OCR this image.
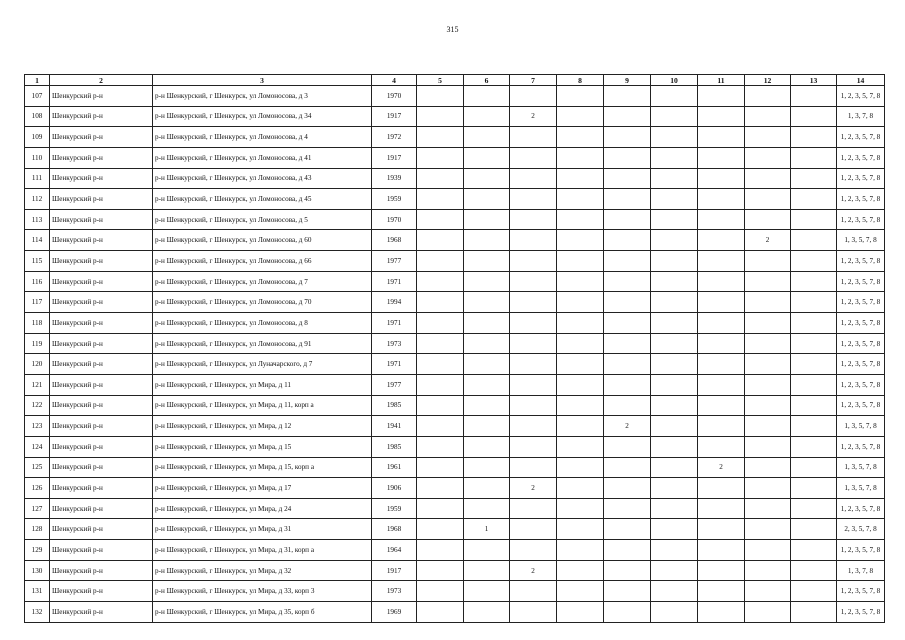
315
1	2	3	4	5	6	7	8	9	10	11	12	13	14
107	Шенкурский р-н	р-н Шенкурский, г Шенкурск, ул Ломоносова, д 3	1970										1, 2, 3, 5, 7, 8
108	Шенкурский р-н	р-н Шенкурский, г Шенкурск, ул Ломоносова, д 34	1917			2							1, 3, 7, 8
109	Шенкурский р-н	р-н Шенкурский, г Шенкурск, ул Ломоносова, д 4	1972										1, 2, 3, 5, 7, 8
110	Шенкурский р-н	р-н Шенкурский, г Шенкурск, ул Ломоносова, д 41	1917										1, 2, 3, 5, 7, 8
111	Шенкурский р-н	р-н Шенкурский, г Шенкурск, ул Ломоносова, д 43	1939										1, 2, 3, 5, 7, 8
112	Шенкурский р-н	р-н Шенкурский, г Шенкурск, ул Ломоносова, д 45	1959										1, 2, 3, 5, 7, 8
113	Шенкурский р-н	р-н Шенкурский, г Шенкурск, ул Ломоносова, д 5	1970										1, 2, 3, 5, 7, 8
114	Шенкурский р-н	р-н Шенкурский, г Шенкурск, ул Ломоносова, д 60	1968								2		1, 3, 5, 7, 8
115	Шенкурский р-н	р-н Шенкурский, г Шенкурск, ул Ломоносова, д 66	1977										1, 2, 3, 5, 7, 8
116	Шенкурский р-н	р-н Шенкурский, г Шенкурск, ул Ломоносова, д 7	1971										1, 2, 3, 5, 7, 8
117	Шенкурский р-н	р-н Шенкурский, г Шенкурск, ул Ломоносова, д 70	1994										1, 2, 3, 5, 7, 8
118	Шенкурский р-н	р-н Шенкурский, г Шенкурск, ул Ломоносова, д 8	1971										1, 2, 3, 5, 7, 8
119	Шенкурский р-н	р-н Шенкурский, г Шенкурск, ул Ломоносова, д 91	1973										1, 2, 3, 5, 7, 8
120	Шенкурский р-н	р-н Шенкурский, г Шенкурск, ул Луначарского, д 7	1971										1, 2, 3, 5, 7, 8
121	Шенкурский р-н	р-н Шенкурский, г Шенкурск, ул Мира, д 11	1977										1, 2, 3, 5, 7, 8
122	Шенкурский р-н	р-н Шенкурский, г Шенкурск, ул Мира, д 11, корп а	1985										1, 2, 3, 5, 7, 8
123	Шенкурский р-н	р-н Шенкурский, г Шенкурск, ул Мира, д 12	1941					2					1, 3, 5, 7, 8
124	Шенкурский р-н	р-н Шенкурский, г Шенкурск, ул Мира, д 15	1985										1, 2, 3, 5, 7, 8
125	Шенкурский р-н	р-н Шенкурский, г Шенкурск, ул Мира, д 15, корп а	1961							2			1, 3, 5, 7, 8
126	Шенкурский р-н	р-н Шенкурский, г Шенкурск, ул Мира, д 17	1906			2							1, 3, 5, 7, 8
127	Шенкурский р-н	р-н Шенкурский, г Шенкурск, ул Мира, д 24	1959										1, 2, 3, 5, 7, 8
128	Шенкурский р-н	р-н Шенкурский, г Шенкурск, ул Мира, д 31	1968		1								2, 3, 5, 7, 8
129	Шенкурский р-н	р-н Шенкурский, г Шенкурск, ул Мира, д 31, корп а	1964										1, 2, 3, 5, 7, 8
130	Шенкурский р-н	р-н Шенкурский, г Шенкурск, ул Мира, д 32	1917			2							1, 3, 7, 8
131	Шенкурский р-н	р-н Шенкурский, г Шенкурск, ул Мира, д 33, корп 3	1973										1, 2, 3, 5, 7, 8
132	Шенкурский р-н	р-н Шенкурский, г Шенкурск, ул Мира, д 35, корп б	1969										1, 2, 3, 5, 7, 8
